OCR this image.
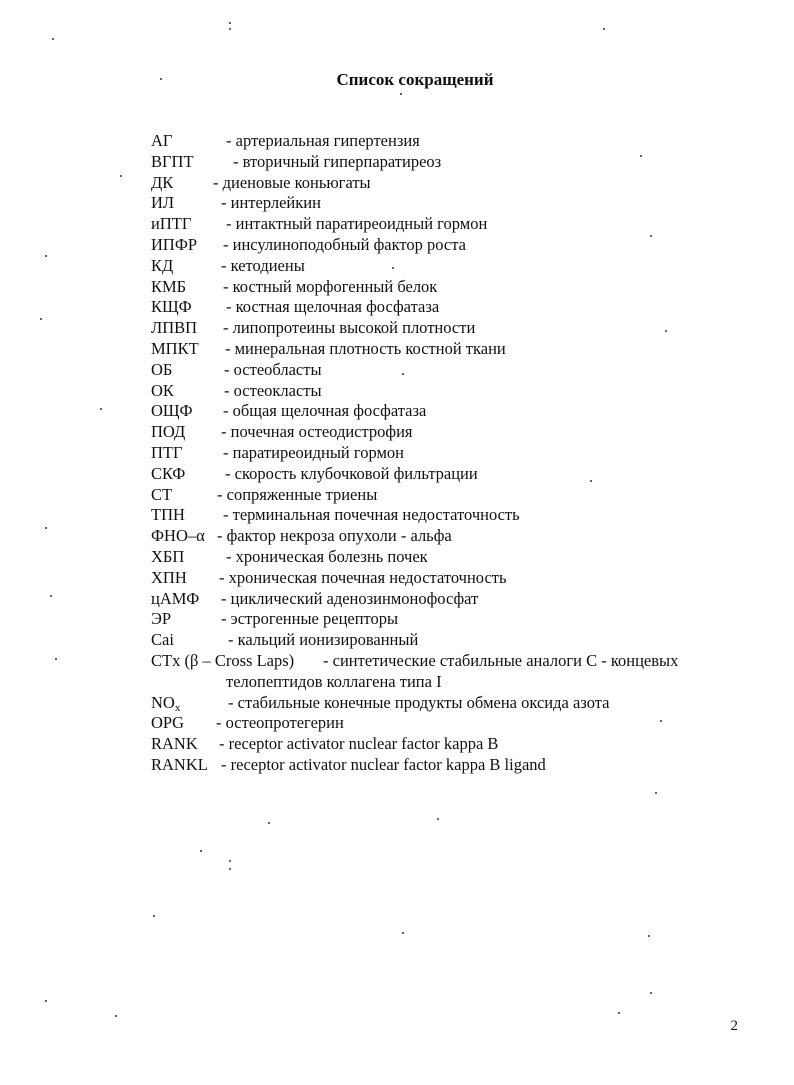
Список сокращений
АГ	- артериальная гипертензия
ВГПТ - вторичный гиперпаратиреоз
ДК - диеновые коньюгаты
ИЛ	- интерлейкин
иПТГ - интактный паратиреоидный гормон
ИПФР - инсулиноподобный фактор роста
КД	- кетодиены
КМБ - костный морфогенный белок
КЩФ - костная щелочная фосфатаза
ЛПВП - липопротеины высокой плотности
МПКТ - минеральная плотность костной ткани
ОБ	- остеобласты
ОК	- остеокласты
ОЩФ - общая щелочная фосфатаза
ПОД - почечная остеодистрофия
ПТГ - паратиреоидный гормон
СКФ - скорость клубочковой фильтрации
СТ	- сопряженные триены
ТПН - терминальная почечная недостаточность
ФНО–α - фактор некроза опухоли - альфа
ХБП	- хроническая болезнь почек
ХПН - хроническая почечная недостаточность
цАМФ - циклический аденозинмонофосфат
ЭР	- эстрогенные рецепторы
Cai	- кальций ионизированный
CTx (β – Cross Laps) - синтетические стабильные аналоги С - концевых
телопептидов коллагена типа I
$NO_x$	- стабильные конечные продукты обмена оксида азота
OPG - остеопротегерин
RANK - receptor activator nuclear factor kappa B
RANKL - receptor activator nuclear factor kappa B ligand
2
